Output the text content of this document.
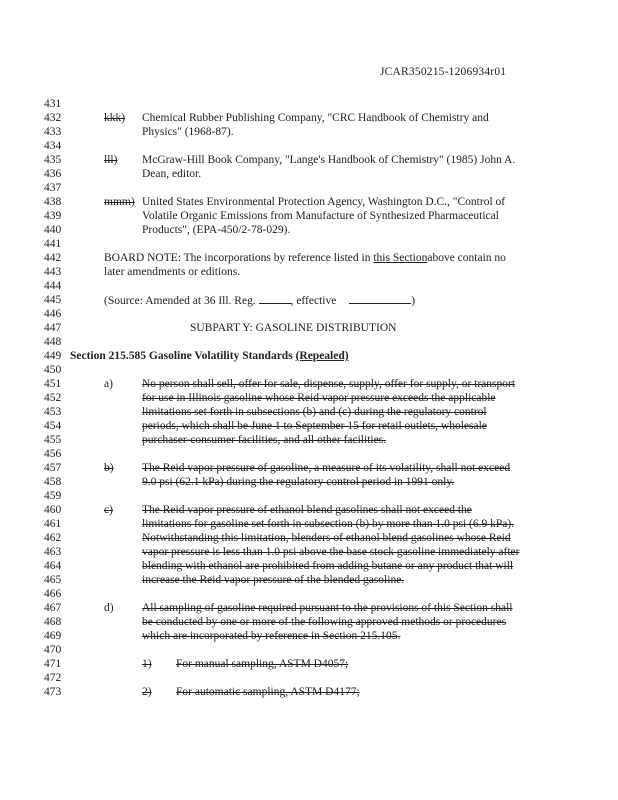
JCAR350215-1206934r01
431
432
433
434
435
436
437
438
439
440
441
442
443
444
445
446
447
448
449
450
451
452
453
454
455
456
457
458
459
460
461
462
463
464
465
466
467
468
469
470
471
472
473
kkk) Chemical Rubber Publishing Company, "CRC Handbook of Chemistry and
Physics" (1968-87).
lll) McGraw-Hill Book Company, "Lange's Handbook of Chemistry" (1985) John A.
Dean, editor.
mmm) United States Environmental Protection Agency, Washington D.C., "Control of
Volatile Organic Emissions from Manufacture of Synthesized Pharmaceutical
Products", (EPA-450/2-78-029).
BOARD NOTE: The incorporations by reference listed in this Sectionabove contain no
later amendments or editions.
(Source: Amended at 36 Ill. Reg.	, effective	)
SUBPART Y: GASOLINE DISTRIBUTION
Section 215.585 Gasoline Volatility Standards (Repealed)
a)	No person shall sell, offer for sale, dispense, supply, offer for supply, or transport
for use in Illinois gasoline whose Reid vapor pressure exceeds the applicable
limitations set forth in subsections (b) and (c) during the regulatory control
periods, which shall be June 1 to September 15 for retail outlets, wholesale
purchaser-consumer facilities, and all other facilities.
b) The Reid vapor pressure of gasoline, a measure of its volatility, shall not exceed
9.0 psi (62.1 kPa) during the regulatory control period in 1991 only.
c)	The Reid vapor pressure of ethanol blend gasolines shall not exceed the
limitations for gasoline set forth in subsection (b) by more than 1.0 psi (6.9 kPa).
Notwithstanding this limitation, blenders of ethanol blend gasolines whose Reid
vapor pressure is less than 1.0 psi above the base stock gasoline immediately after
blending with ethanol are prohibited from adding butane or any product that will
increase the Reid vapor pressure of the blended gasoline.
d) All sampling of gasoline required pursuant to the provisions of this Section shall
be conducted by one or more of the following approved methods or procedures
which are incorporated by reference in Section 215.105.
1) For manual sampling, ASTM D4057;
2) For automatic sampling, ASTM D4177;
